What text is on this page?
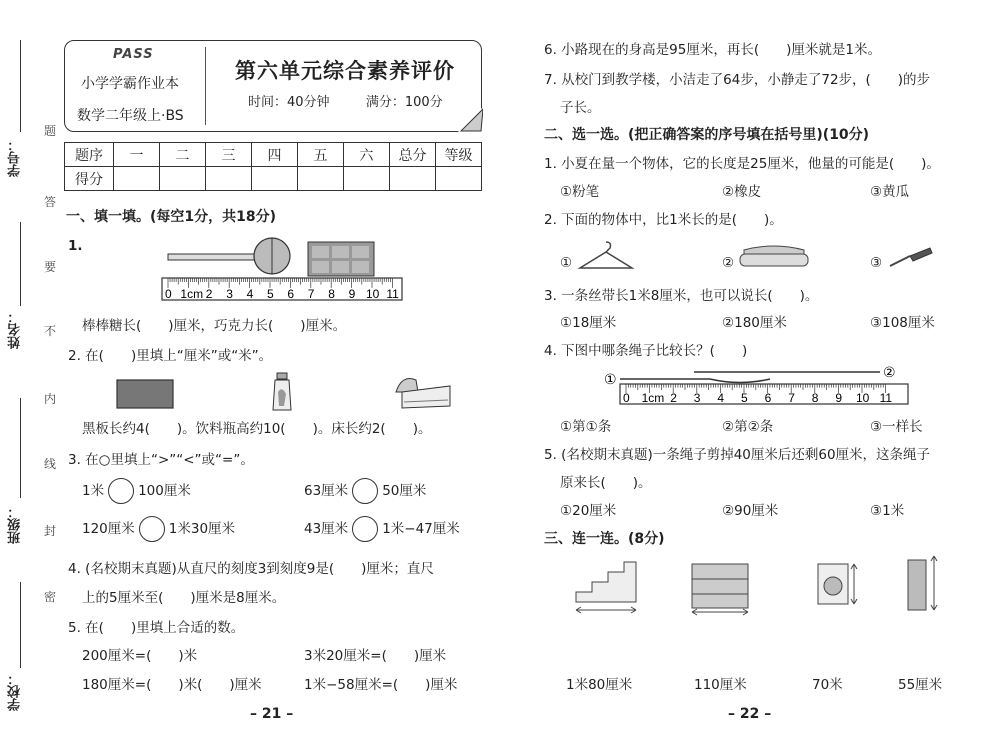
学号：
姓名：
班级：
学校：
题
答
要
不
内
线
封
密
PASS
小学学霸作业本
数学二年级上·BS
第六单元综合素养评价
时间：40分钟	满分：100分
题序	一	二	三	四	五	六	总分	等级
得分								
一、填一填。(每空1分，共18分)
1.
0 1cm 2 3 4 5 6 7 8 9 10 11
棒棒糖长(　　)厘米，巧克力长(　　)厘米。
2. 在(　　)里填上“厘米”或“米”。
黑板长约4(　　)。饮料瓶高约10(　　)。床长约2(　　)。
3. 在○里填上“>”“<”或“=”。
1米	100厘米	63厘米	50厘米
120厘米	1米30厘米	43厘米	1米−47厘米
4. (名校期末真题)从直尺的刻度3到刻度9是(　　)厘米；直尺
上的5厘米至(　　)厘米是8厘米。
5. 在(　　)里填上合适的数。
200厘米=(　　)米	3米20厘米=(　　)厘米
180厘米=(　　)米(　　)厘米	1米−58厘米=(　　)厘米
– 21 –
6. 小路现在的身高是95厘米，再长(　　)厘米就是1米。
7. 从校门到教学楼，小洁走了64步，小静走了72步，(　　)的步
子长。
二、选一选。(把正确答案的序号填在括号里)(10分)
1. 小夏在量一个物体，它的长度是25厘米，他量的可能是(　　)。
①粉笔	②橡皮	③黄瓜
2. 下面的物体中，比1米长的是(　　)。
①	②	③
3. 一条丝带长1米8厘米，也可以说长(　　)。
①18厘米	②180厘米	③108厘米
4. 下图中哪条绳子比较长？(　　)
①	②
0 1cm 2 3 4 5 6 7 8 9 10 11
①第①条	②第②条	③一样长
5. (名校期末真题)一条绳子剪掉40厘米后还剩60厘米，这条绳子
原来长(　　)。
①20厘米	②90厘米	③1米
三、连一连。(8分)
1米80厘米	110厘米	70米	55厘米
– 22 –
